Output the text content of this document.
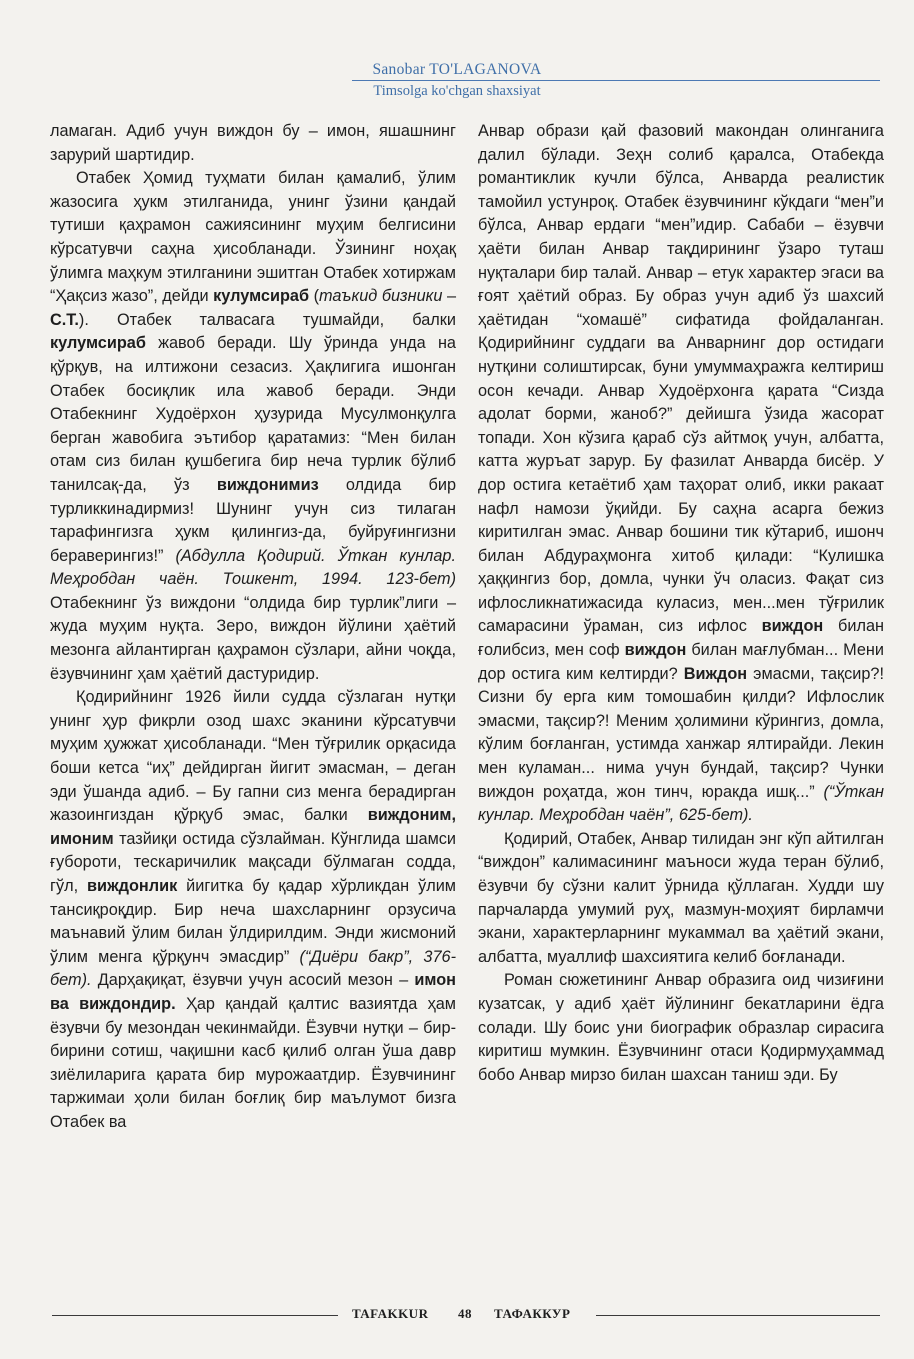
Sanobar TO'LAGANOVA
Timsolga ko'chgan shaxsiyat

ламаган. Адиб учун виждон бу – имон, яшашнинг зарурий шартидир.

Отабек Ҳомид туҳмати билан қамалиб, ўлим жазосига ҳукм этилганида, унинг ўзини қандай тутиши қаҳрамон сажиясининг муҳим белгисини кўрсатувчи саҳна ҳисобланади. Ўзининг ноҳақ ўлимга маҳкум этилганини эшитган Отабек хотиржам “Ҳақсиз жазо”, дейди кулумсираб (таъкид бизники – С.Т.). Отабек талвасага тушмайди, балки кулумсираб жавоб беради. Шу ўринда унда на қўрқув, на илтижони сезасиз. Ҳақлигига ишонган Отабек босиқлик ила жавоб беради. Энди Отабекнинг Худоёрхон ҳузурида Мусулмонқулга берган жавобига эътибор қаратамиз: “Мен билан отам сиз билан қушбегига бир неча турлик бўлиб танилсақ-да, ўз виждонимиз олдида бир турликкинадирмиз! Шунинг учун сиз тилаган тарафингизга ҳукм қилингиз-да, буйруғингизни бераверингиз!” (Абдулла Қодирий. Ўткан кунлар. Меҳробдан чаён. Тошкент, 1994. 123-бет) Отабекнинг ўз виждони “олдида бир турлик”лиги – жуда муҳим нуқта. Зеро, виждон йўлини ҳаётий мезонга айлантирган қаҳрамон сўзлари, айни чоқда, ёзувчининг ҳам ҳаётий дастуридир.

Қодирийнинг 1926 йили судда сўзлаган нутқи унинг ҳур фикрли озод шахс эканини кўрсатувчи муҳим ҳужжат ҳисобланади. “Мен тўғрилик орқасида боши кетса “иҳ” дейдирган йигит эмасман, – деган эди ўшанда адиб. – Бу гапни сиз менга берадирган жазоингиздан қўрқуб эмас, балки виждоним, имоним тазйиқи остида сўзлайман. Кўнглида шамси ғубороти, тескаричилик мақсади бўлмаган содда, гўл, виждонлик йигитка бу қадар хўрликдан ўлим тансиқроқдир. Бир неча шахсларнинг орзусича маънавий ўлим билан ўлдирилдим. Энди жисмоний ўлим менга қўрқунч эмасдир” (“Диёри бакр”, 376-бет). Дарҳақиқат, ёзувчи учун асосий мезон – имон ва виждондир. Ҳар қандай қалтис вазиятда ҳам ёзувчи бу мезондан чекинмайди. Ёзувчи нутқи – бир-бирини сотиш, чақишни касб қилиб олган ўша давр зиёлиларига қарата бир мурожаатдир. Ёзувчининг таржимаи ҳоли билан боғлиқ бир маълумот бизга Отабек ва

Анвар образи қай фазовий макондан олинганига далил бўлади. Зеҳн солиб қаралса, Отабекда романтиклик кучли бўлса, Анварда реалистик тамойил устунроқ. Отабек ёзувчининг кўкдаги “мен”и бўлса, Анвар ердаги “мен”идир. Сабаби – ёзувчи ҳаёти билан Анвар тақдирининг ўзаро туташ нуқталари бир талай. Анвар – етук характер эгаси ва ғоят ҳаётий образ. Бу образ учун адиб ўз шахсий ҳаётидан “хомашё” сифатида фойдаланган. Қодирийнинг суддаги ва Анварнинг дор остидаги нутқини солиштирсак, буни умуммаҳражга келтириш осон кечади. Анвар Худоёрхонга қарата “Сизда адолат борми, жаноб?” дейишга ўзида жасорат топади. Хон кўзига қараб сўз айтмоқ учун, албатта, катта журъат зарур. Бу фазилат Анварда бисёр. У дор остига кетаётиб ҳам таҳорат олиб, икки ракаат нафл намози ўқийди. Бу саҳна асарга бежиз киритилган эмас. Анвар бошини тик кўтариб, ишонч билан Абдураҳмонга хитоб қилади: “Кулишка ҳаққингиз бор, домла, чунки ўч оласиз. Фақат сиз ифлосликнатижасида куласиз, мен...мен тўғрилик самарасини ўраман, сиз ифлос виждон билан ғолибсиз, мен соф виждон билан мағлубман... Мени дор остига ким келтирди? Виждон эмасми, тақсир?! Сизни бу ерга ким томошабин қилди? Ифлослик эмасми, тақсир?! Меним ҳолимини кўрингиз, домла, кўлим боғланган, устимда ханжар ялтирайди. Лекин мен куламан... нима учун бундай, тақсир? Чунки виждон роҳатда, жон тинч, юракда ишқ...” (“Ўткан кунлар. Меҳробдан чаён”, 625-бет).

Қодирий, Отабек, Анвар тилидан энг кўп айтилган “виждон” калимасининг маъноси жуда теран бўлиб, ёзувчи бу сўзни калит ўрнида қўллаган. Худди шу парчаларда умумий руҳ, мазмун-моҳият бирламчи экани, характерларнинг мукаммал ва ҳаётий экани, албатта, муаллиф шахсиятига келиб боғланади.

Роман сюжетининг Анвар образига оид чизиғини кузатсак, у адиб ҳаёт йўлининг бекатларини ёдга солади. Шу боис уни биографик образлар сирасига киритиш мумкин. Ёзувчининг отаси Қодирмуҳаммад бобо Анвар мирзо билан шахсан таниш эди. Бу

TAFAKKUR 48 ТАФАККУР
